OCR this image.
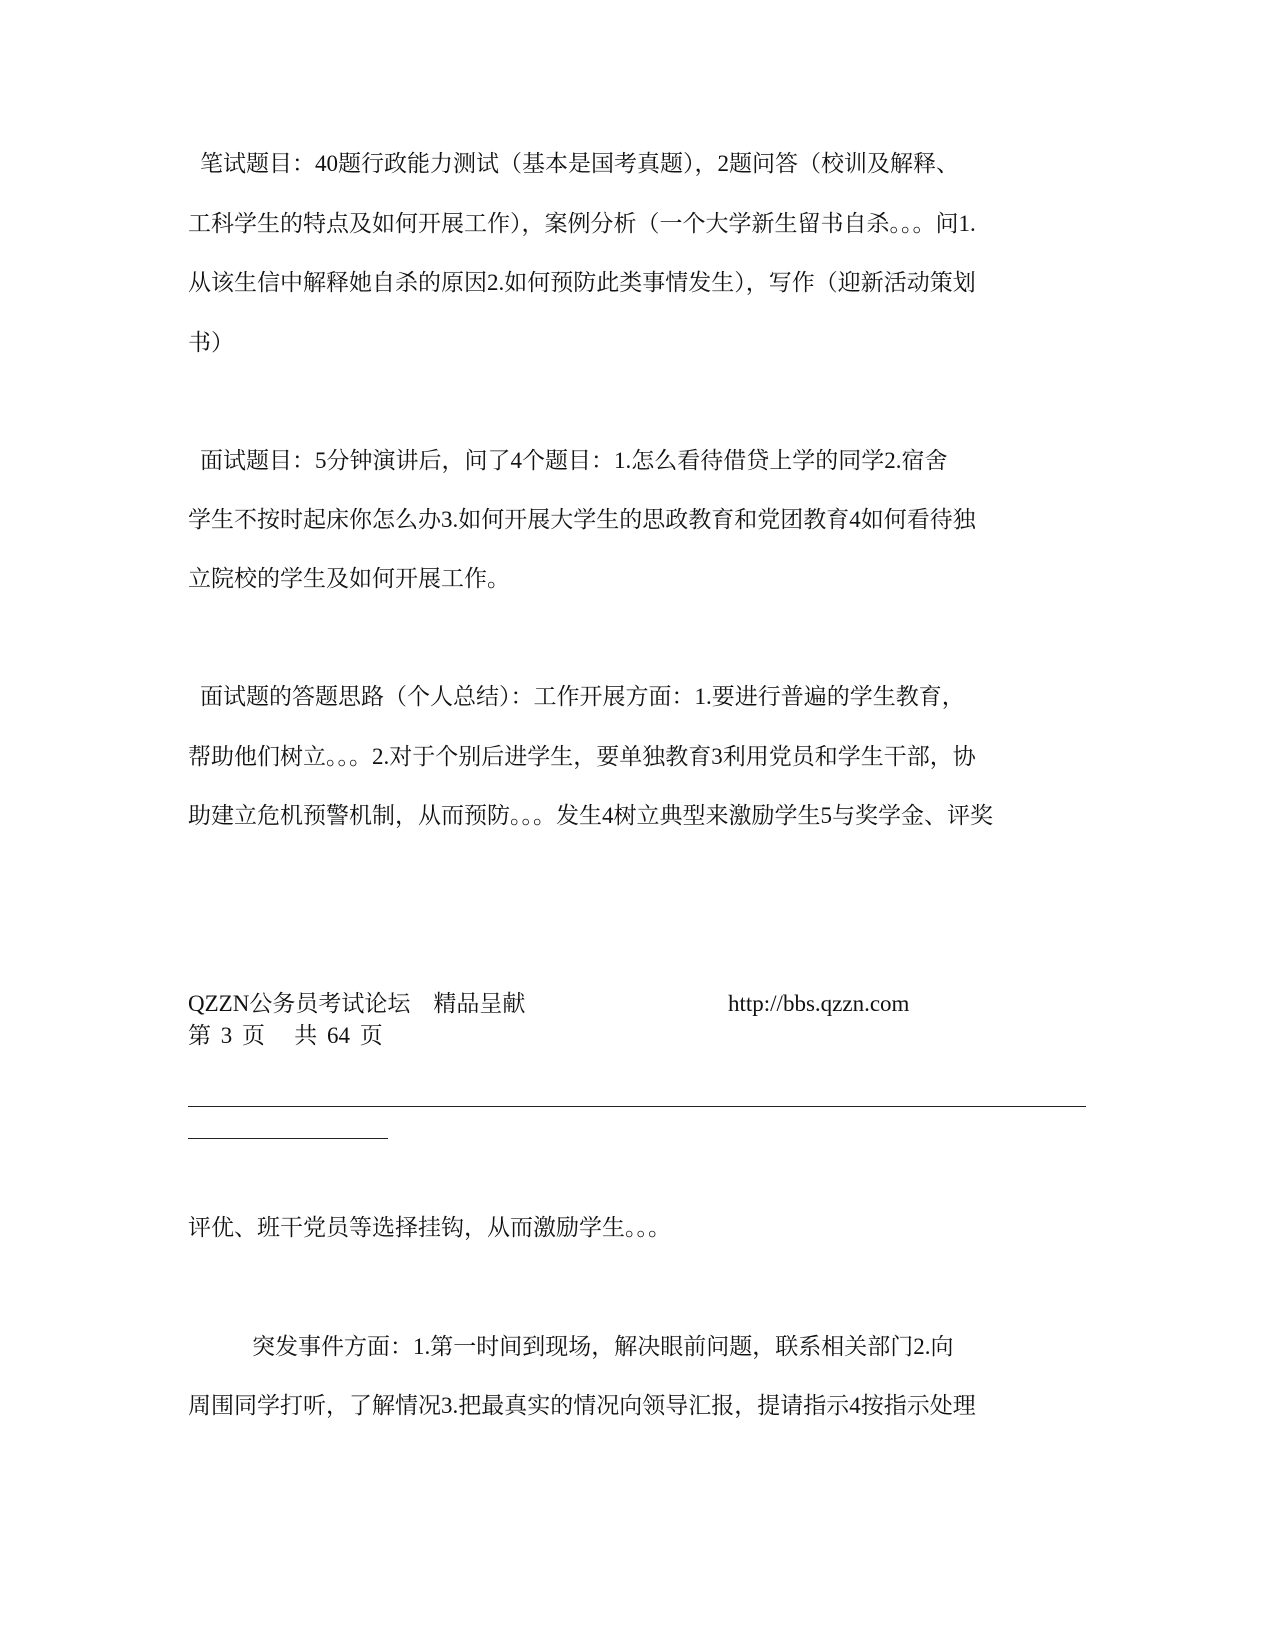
笔试题目：40题行政能力测试（基本是国考真题），2题问答（校训及解释、
工科学生的特点及如何开展工作），案例分析（一个大学新生留书自杀。。。问1.
从该生信中解释她自杀的原因2.如何预防此类事情发生），写作（迎新活动策划
书）
面试题目：5分钟演讲后，问了4个题目：1.怎么看待借贷上学的同学2.宿舍
学生不按时起床你怎么办3.如何开展大学生的思政教育和党团教育4如何看待独
立院校的学生及如何开展工作。
面试题的答题思路（个人总结）：工作开展方面：1.要进行普遍的学生教育，
帮助他们树立。。。2.对于个别后进学生，要单独教育3利用党员和学生干部，协
助建立危机预警机制，从而预防。。。发生4树立典型来激励学生5与奖学金、评奖
QZZN公务员考试论坛    精品呈献	http://bbs.qzzn.com
第 3 页   共 64 页
评优、班干党员等选择挂钩，从而激励学生。。。
突发事件方面：1.第一时间到现场，解决眼前问题，联系相关部门2.向
周围同学打听，了解情况3.把最真实的情况向领导汇报，提请指示4按指示处理
